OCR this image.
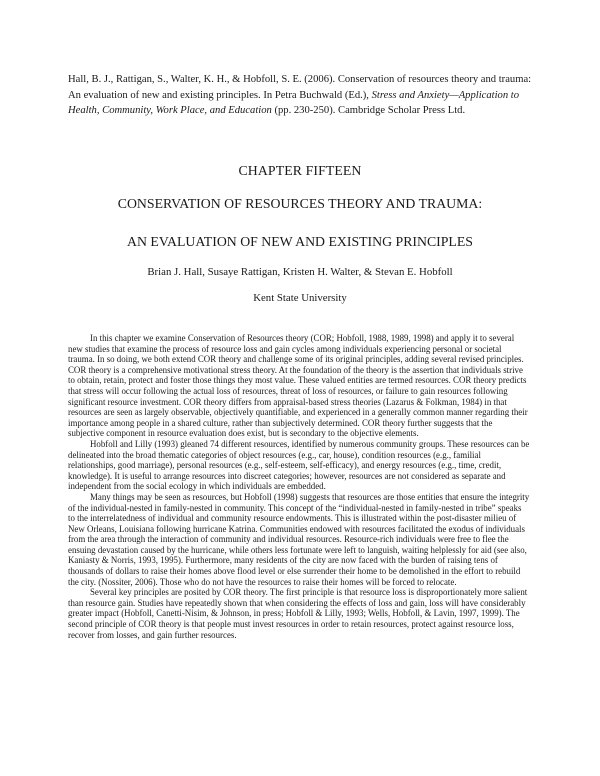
Hall, B. J., Rattigan, S., Walter, K. H., & Hobfoll, S. E. (2006). Conservation of resources theory and trauma: An evaluation of new and existing principles. In Petra Buchwald (Ed.), Stress and Anxiety—Application to Health, Community, Work Place, and Education (pp. 230-250). Cambridge Scholar Press Ltd.
CHAPTER FIFTEEN
CONSERVATION OF RESOURCES THEORY AND TRAUMA:
AN EVALUATION OF NEW AND EXISTING PRINCIPLES
Brian J. Hall, Susaye Rattigan, Kristen H. Walter, & Stevan E. Hobfoll
Kent State University

In this chapter we examine Conservation of Resources theory (COR; Hobfoll, 1988, 1989, 1998) and apply it to several new studies that examine the process of resource loss and gain cycles among individuals experiencing personal or societal trauma. In so doing, we both extend COR theory and challenge some of its original principles, adding several revised principles. COR theory is a comprehensive motivational stress theory. At the foundation of the theory is the assertion that individuals strive to obtain, retain, protect and foster those things they most value. These valued entities are termed resources. COR theory predicts that stress will occur following the actual loss of resources, threat of loss of resources, or failure to gain resources following significant resource investment. COR theory differs from appraisal-based stress theories (Lazarus & Folkman, 1984) in that resources are seen as largely observable, objectively quantifiable, and experienced in a generally common manner regarding their importance among people in a shared culture, rather than subjectively determined. COR theory further suggests that the subjective component in resource evaluation does exist, but is secondary to the objective elements.

Hobfoll and Lilly (1993) gleaned 74 different resources, identified by numerous community groups. These resources can be delineated into the broad thematic categories of object resources (e.g., car, house), condition resources (e.g., familial relationships, good marriage), personal resources (e.g., self-esteem, self-efficacy), and energy resources (e.g., time, credit, knowledge). It is useful to arrange resources into discreet categories; however, resources are not considered as separate and independent from the social ecology in which individuals are embedded.

Many things may be seen as resources, but Hobfoll (1998) suggests that resources are those entities that ensure the integrity of the individual-nested in family-nested in community. This concept of the “individual-nested in family-nested in tribe” speaks to the interrelatedness of individual and community resource endowments. This is illustrated within the post-disaster milieu of New Orleans, Louisiana following hurricane Katrina. Communities endowed with resources facilitated the exodus of individuals from the area through the interaction of community and individual resources. Resource-rich individuals were free to flee the ensuing devastation caused by the hurricane, while others less fortunate were left to languish, waiting helplessly for aid (see also, Kaniasty & Norris, 1993, 1995). Furthermore, many residents of the city are now faced with the burden of raising tens of thousands of dollars to raise their homes above flood level or else surrender their home to be demolished in the effort to rebuild the city. (Nossiter, 2006). Those who do not have the resources to raise their homes will be forced to relocate.

Several key principles are posited by COR theory. The first principle is that resource loss is disproportionately more salient than resource gain. Studies have repeatedly shown that when considering the effects of loss and gain, loss will have considerably greater impact (Hobfoll, Canetti-Nisim, & Johnson, in press; Hobfoll & Lilly, 1993; Wells, Hobfoll, & Lavin, 1997, 1999). The second principle of COR theory is that people must invest resources in order to retain resources, protect against resource loss, recover from losses, and gain further resources.
